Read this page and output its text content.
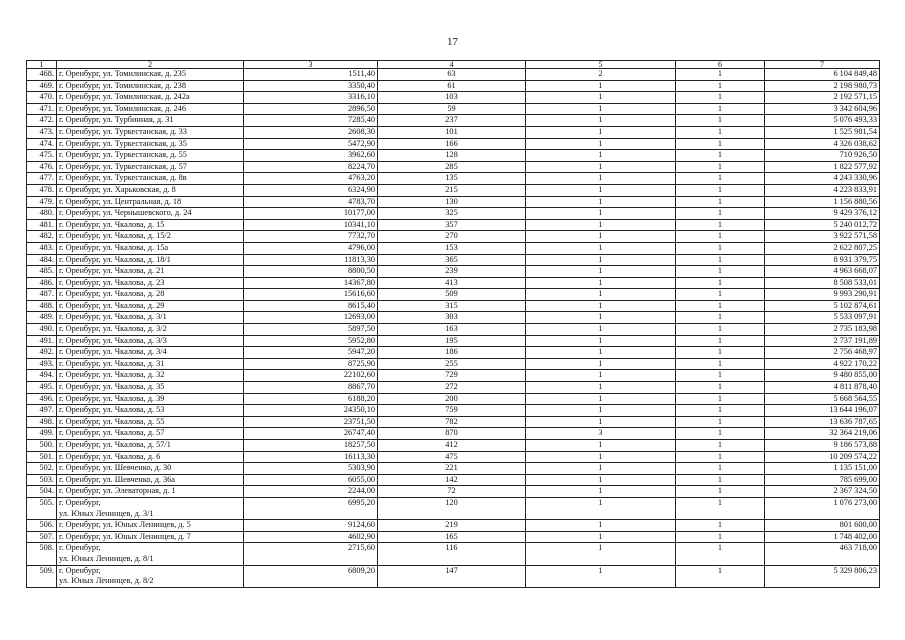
17
1	2	3	4	5	6	7
468.	г. Оренбург, ул. Томилинская, д. 235	1511,40	63	2	1	6 104 849,48
469.	г. Оренбург, ул. Томилинская, д. 238	3350,40	61	1	1	2 198 980,73
470.	г. Оренбург, ул. Томилинская, д. 242а	3316,10	103	1	1	2 192 571,15
471.	г. Оренбург, ул. Томилинская, д. 246	2896,50	59	1	1	3 342 604,96
472.	г. Оренбург, ул. Турбинная, д. 31	7285,40	237	1	1	5 076 493,33
473.	г. Оренбург, ул. Туркестанская, д. 33	2608,30	101	1	1	1 525 981,54
474.	г. Оренбург, ул. Туркестанская, д. 35	5472,90	166	1	1	4 326 038,62
475.	г. Оренбург, ул. Туркестанская, д. 55	3962,60	128	1	1	710 926,50
476.	г. Оренбург, ул. Туркестанская, д. 57	8224,70	285	1	1	1 822 577,92
477.	г. Оренбург, ул. Туркестанская, д. 8в	4763,20	135	1	1	4 243 330,96
478.	г. Оренбург, ул. Харьковская, д. 8	6324,90	215	1	1	4 223 833,91
479.	г. Оренбург, ул. Центральная, д. 18	4783,70	130	1	1	1 156 880,56
480.	г. Оренбург, ул. Чернышевского, д. 24	10177,00	325	1	1	9 429 376,12
481.	г. Оренбург, ул. Чкалова, д. 15	10341,10	357	1	1	5 240 012,72
482.	г. Оренбург, ул. Чкалова, д. 15/2	7732,70	270	1	1	3 922 571,58
483.	г. Оренбург, ул. Чкалова, д. 15а	4796,00	153	1	1	2 622 807,25
484.	г. Оренбург, ул. Чкалова, д. 18/1	11813,30	365	1	1	8 931 379,75
485.	г. Оренбург, ул. Чкалова, д. 21	8800,50	239	1	1	4 963 668,07
486.	г. Оренбург, ул. Чкалова, д. 23	14367,80	413	1	1	8 508 533,01
487.	г. Оренбург, ул. Чкалова, д. 28	15616,60	509	1	1	9 993 290,91
488.	г. Оренбург, ул. Чкалова, д. 29	8615,40	315	1	1	5 102 874,61
489.	г. Оренбург, ул. Чкалова, д. 3/1	12693,00	303	1	1	5 533 097,91
490.	г. Оренбург, ул. Чкалова, д. 3/2	5897,50	163	1	1	2 735 183,98
491.	г. Оренбург, ул. Чкалова, д. 3/3	5952,80	195	1	1	2 737 191,89
492.	г. Оренбург, ул. Чкалова, д. 3/4	5947,20	186	1	1	2 756 468,97
493.	г. Оренбург, ул. Чкалова, д. 31	8725,90	255	1	1	4 922 170,22
494.	г. Оренбург, ул. Чкалова, д. 32	22102,60	729	1	1	9 480 855,00
495.	г. Оренбург, ул. Чкалова, д. 35	8867,70	272	1	1	4 811 878,40
496.	г. Оренбург, ул. Чкалова, д. 39	6188,20	200	1	1	5 668 564,55
497.	г. Оренбург, ул. Чкалова, д. 53	24350,10	759	1	1	13 644 196,07
498.	г. Оренбург, ул. Чкалова, д. 55	23751,50	782	1	1	13 636 787,65
499.	г. Оренбург, ул. Чкалова, д. 57	26747,40	870	3	1	32 364 219,06
500.	г. Оренбург, ул. Чкалова, д. 57/1	18257,50	412	1	1	9 186 573,88
501.	г. Оренбург, ул. Чкалова, д. 6	16113,30	475	1	1	10 209 574,22
502.	г. Оренбург, ул. Шевченко, д. 30	5303,90	221	1	1	1 135 151,00
503.	г. Оренбург, ул. Шевченко, д. 36а	6055,00	142	1	1	785 699,00
504.	г. Оренбург, ул. Элеваторная, д. 1	2244,00	72	1	1	2 367 324,50
505.	г. Оренбург,
ул. Юных Ленинцев, д. 3/1	6995,20	120	1	1	1 076 273,00
506.	г. Оренбург, ул. Юных Ленинцев, д. 5	9124,60	219	1	1	801 600,00
507.	г. Оренбург, ул. Юных Ленинцев, д. 7	4602,90	165	1	1	1 748 402,00
508.	г. Оренбург,
ул. Юных Ленинцев, д. 8/1	2715,60	116	1	1	463 718,00
509.	г. Оренбург,
ул. Юных Ленинцев, д. 8/2	6809,20	147	1	1	5 329 806,23
